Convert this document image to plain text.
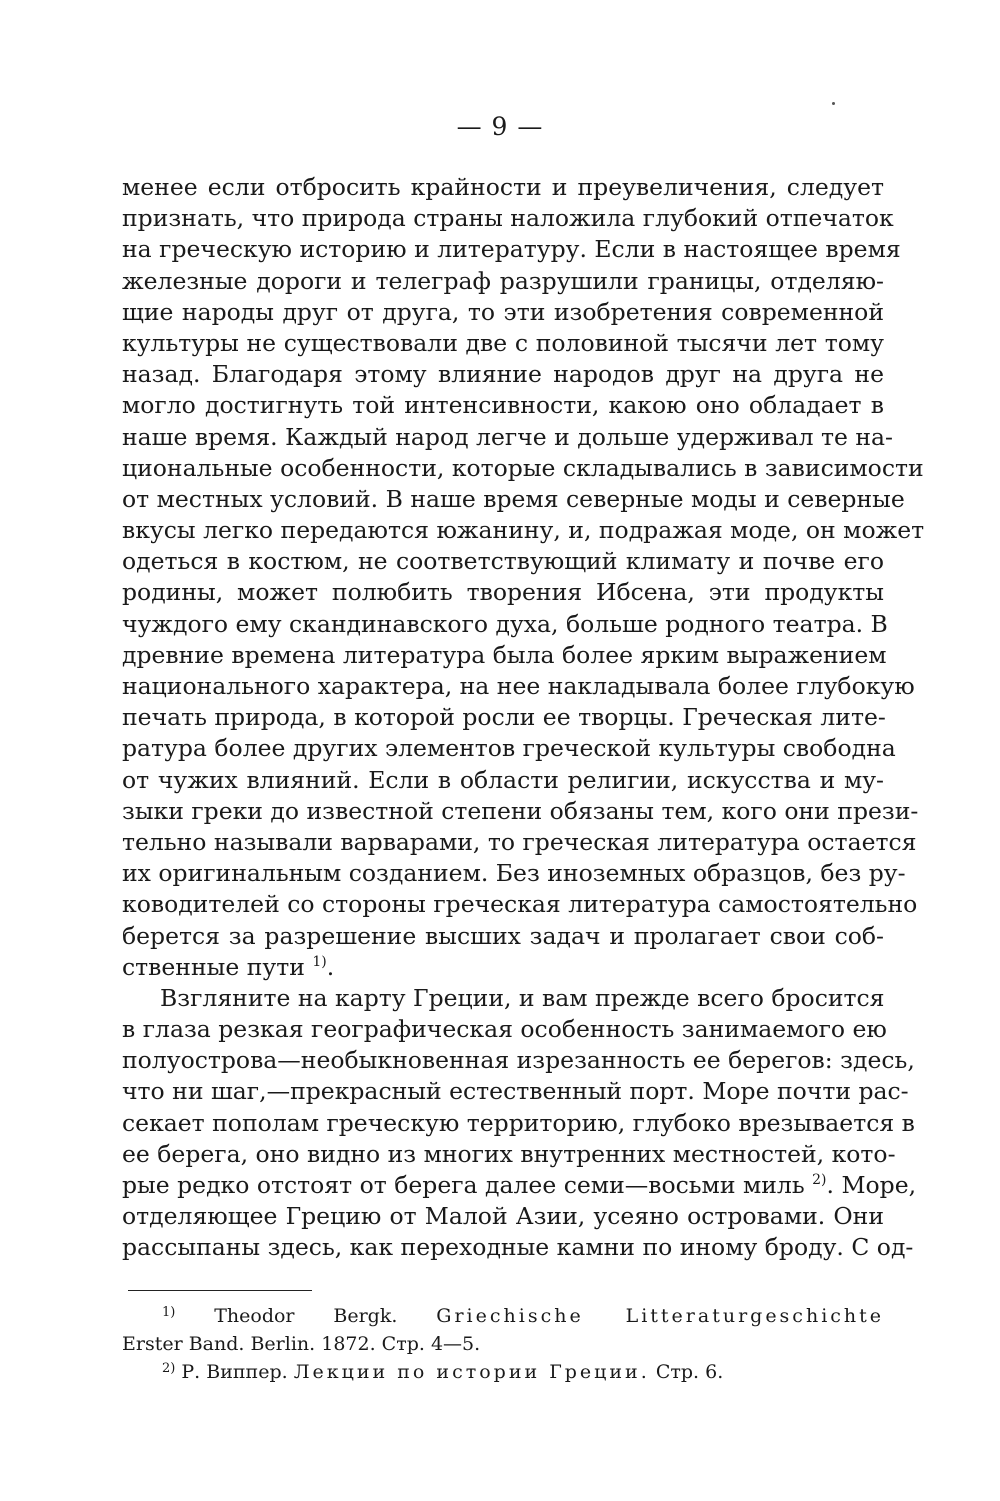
— 9 —
менее если отбросить крайности и преувеличения, следует
признать, что природа страны наложила глубокий отпечаток
на греческую историю и литературу. Если в настоящее время
железные дороги и телеграф разрушили границы, отделяю-
щие народы друг от друга, то эти изобретения современной
культуры не существовали две с половиной тысячи лет тому
назад. Благодаря этому влияние народов друг на друга не
могло достигнуть той интенсивности, какою оно обладает в
наше время. Каждый народ легче и дольше удерживал те на-
циональные особенности, которые складывались в зависимости
от местных условий. В наше время северные моды и северные
вкусы легко передаются южанину, и, подражая моде, он может
одеться в костюм, не соответствующий климату и почве его
родины, может полюбить творения Ибсена, эти продукты
чуждого ему скандинавского духа, больше родного театра. В
древние времена литература была более ярким выражением
национального характера, на нее накладывала более глубокую
печать природа, в которой росли ее творцы. Греческая лите-
ратура более других элементов греческой культуры свободна
от чужих влияний. Если в области религии, искусства и му-
зыки греки до известной степени обязаны тем, кого они прези-
тельно называли варварами, то греческая литература остается
их оригинальным созданием. Без иноземных образцов, без ру-
ководителей со стороны греческая литература самостоятельно
берется за разрешение высших задач и пролагает свои соб-
ственные пути $^{1)}$.
Взгляните на карту Греции, и вам прежде всего бросится
в глаза резкая географическая особенность занимаемого ею
полуострова—необыкновенная изрезанность ее берегов: здесь,
что ни шаг,—прекрасный естественный порт. Море почти рас-
секает пополам греческую территорию, глубоко врезывается в
ее берега, оно видно из многих внутренних местностей, кото-
рые редко отстоят от берега далее семи—восьми миль $^{2)}$. Море,
отделяющее Грецию от Малой Азии, усеяно островами. Они
рассыпаны здесь, как переходные камни по иному броду. С од-
$^{1)}$ Theodor Bergk. Griechische Litteraturgeschichte
Erster Band. Berlin. 1872. Стр. 4—5.
$^{2)}$ Р. Виппер. Лекции по истории Греции. Стр. 6.
